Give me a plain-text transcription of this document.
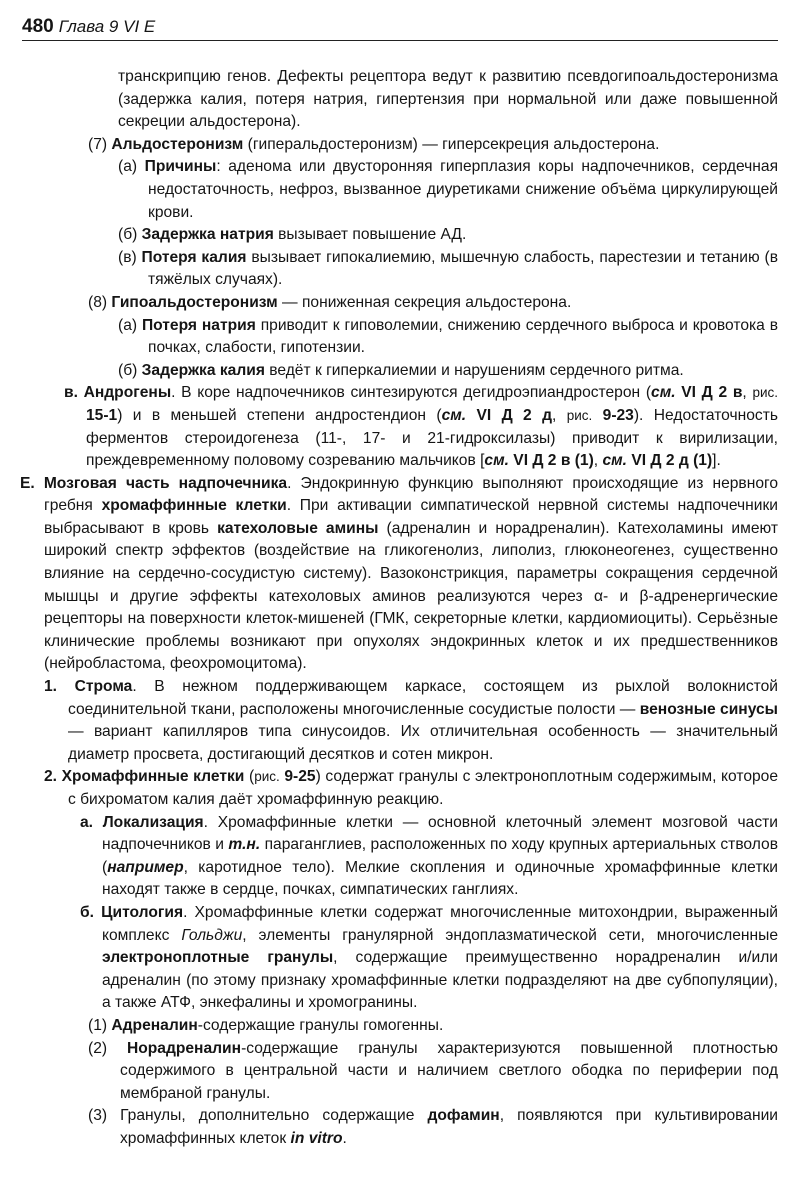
480 Глава 9 VI Е

транскрипцию генов. Дефекты рецептора ведут к развитию псевдогипоальдостеронизма (задержка калия, потеря натрия, гипертензия при нормальной или даже повышенной секреции альдостерона).

(7) Альдостеронизм (гиперальдостеронизм) — гиперсекреция альдостерона.

(а) Причины: аденома или двусторонняя гиперплазия коры надпочечников, сердечная недостаточность, нефроз, вызванное диуретиками снижение объёма циркулирующей крови.

(б) Задержка натрия вызывает повышение АД.

(в) Потеря калия вызывает гипокалиемию, мышечную слабость, парестезии и тетанию (в тяжёлых случаях).

(8) Гипоальдостеронизм — пониженная секреция альдостерона.

(а) Потеря натрия приводит к гиповолемии, снижению сердечного выброса и кровотока в почках, слабости, гипотензии.

(б) Задержка калия ведёт к гиперкалиемии и нарушениям сердечного ритма.

в. Андрогены. В коре надпочечников синтезируются дегидроэпиандростерон (см. VI Д 2 в, рис. 15-1) и в меньшей степени андростендион (см. VI Д 2 д, рис. 9-23). Недостаточность ферментов стероидогенеза (11-, 17- и 21-гидроксилазы) приводит к вирилизации, преждевременному половому созреванию мальчиков [см. VI Д 2 в (1), см. VI Д 2 д (1)].

Е. Мозговая часть надпочечника. Эндокринную функцию выполняют происходящие из нервного гребня хромаффинные клетки. При активации симпатической нервной системы надпочечники выбрасывают в кровь катехоловые амины (адреналин и норадреналин). Катехоламины имеют широкий спектр эффектов (воздействие на гликогенолиз, липолиз, глюконеогенез, существенно влияние на сердечно-сосудистую систему). Вазоконстрикция, параметры сокращения сердечной мышцы и другие эффекты катехоловых аминов реализуются через α- и β-адренергические рецепторы на поверхности клеток-мишеней (ГМК, секреторные клетки, кардиомиоциты). Серьёзные клинические проблемы возникают при опухолях эндокринных клеток и их предшественников (нейробластома, феохромоцитома).

1. Строма. В нежном поддерживающем каркасе, состоящем из рыхлой волокнистой соединительной ткани, расположены многочисленные сосудистые полости — венозные синусы — вариант капилляров типа синусоидов. Их отличительная особенность — значительный диаметр просвета, достигающий десятков и сотен микрон.

2. Хромаффинные клетки (рис. 9-25) содержат гранулы с электроноплотным содержимым, которое с бихроматом калия даёт хромаффинную реакцию.

а. Локализация. Хромаффинные клетки — основной клеточный элемент мозговой части надпочечников и т.н. параганглиев, расположенных по ходу крупных артериальных стволов (например, каротидное тело). Мелкие скопления и одиночные хромаффинные клетки находят также в сердце, почках, симпатических ганглиях.

б. Цитология. Хромаффинные клетки содержат многочисленные митохондрии, выраженный комплекс Гольджи, элементы гранулярной эндоплазматической сети, многочисленные электроноплотные гранулы, содержащие преимущественно норадреналин и/или адреналин (по этому признаку хромаффинные клетки подразделяют на две субпопуляции), а также АТФ, энкефалины и хромогранины.

(1) Адреналин-содержащие гранулы гомогенны.

(2) Норадреналин-содержащие гранулы характеризуются повышенной плотностью содержимого в центральной части и наличием светлого ободка по периферии под мембраной гранулы.

(3) Гранулы, дополнительно содержащие дофамин, появляются при культивировании хромаффинных клеток in vitro.
